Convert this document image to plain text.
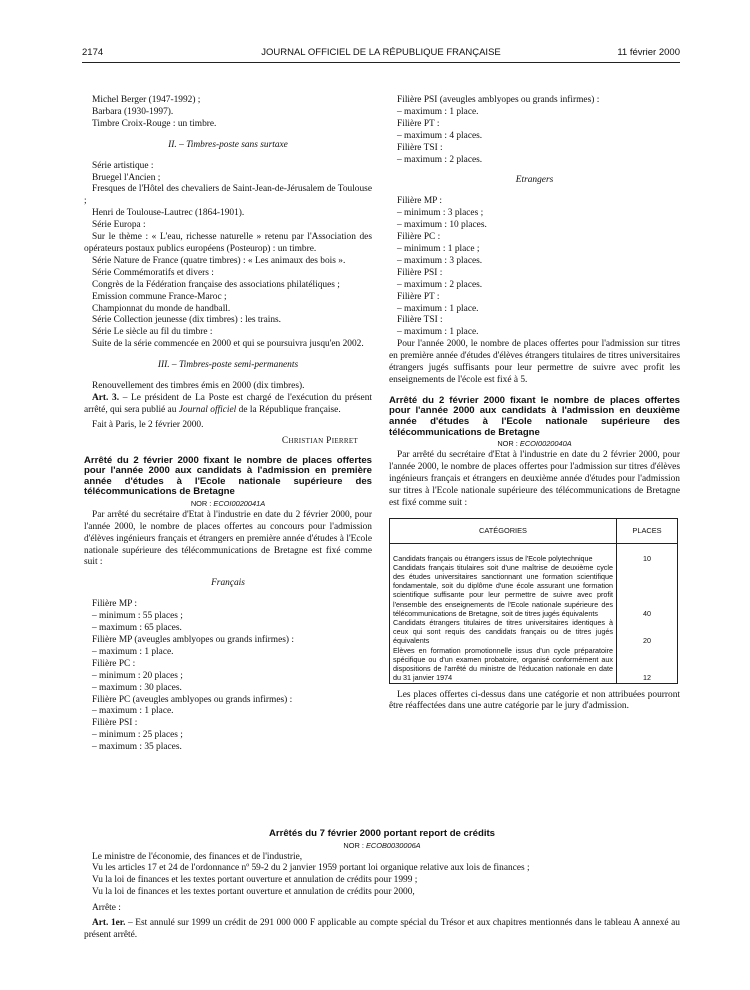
2174	JOURNAL OFFICIEL DE LA RÉPUBLIQUE FRANÇAISE	11 février 2000

Michel Berger (1947-1992) ;

Barbara (1930-1997).

Timbre Croix-Rouge : un timbre.

II. – Timbres-poste sans surtaxe

Série artistique :

Bruegel l'Ancien ;

Fresques de l'Hôtel des chevaliers de Saint-Jean-de-Jérusalem de Toulouse ;

Henri de Toulouse-Lautrec (1864-1901).

Série Europa :

Sur le thème : « L'eau, richesse naturelle » retenu par l'Association des opérateurs postaux publics européens (Posteurop) : un timbre.

Série Nature de France (quatre timbres) : « Les animaux des bois ».

Série Commémoratifs et divers :

Congrès de la Fédération française des associations philatéliques ;

Emission commune France-Maroc ;

Championnat du monde de handball.

Série Collection jeunesse (dix timbres) : les trains.

Série Le siècle au fil du timbre :

Suite de la série commencée en 2000 et qui se poursuivra jusqu'en 2002.

III. – Timbres-poste semi-permanents

Renouvellement des timbres émis en 2000 (dix timbres).

Art. 3. – Le président de La Poste est chargé de l'exécution du présent arrêté, qui sera publié au Journal officiel de la République française.

Fait à Paris, le 2 février 2000.

Christian Pierret

Arrêté du 2 février 2000 fixant le nombre de places offertes pour l'année 2000 aux candidats à l'admission en première année d'études à l'Ecole nationale supérieure des télécommunications de Bretagne

NOR : ECOI0020041A

Par arrêté du secrétaire d'Etat à l'industrie en date du 2 février 2000, pour l'année 2000, le nombre de places offertes au concours pour l'admission d'élèves ingénieurs français et étrangers en première année d'études à l'Ecole nationale supérieure des télécommunications de Bretagne est fixé comme suit :

Français

Filière MP :

– minimum : 55 places ;

– maximum : 65 places.

Filière MP (aveugles amblyopes ou grands infirmes) :

– maximum : 1 place.

Filière PC :

– minimum : 20 places ;

– maximum : 30 places.

Filière PC (aveugles amblyopes ou grands infirmes) :

– maximum : 1 place.

Filière PSI :

– minimum : 25 places ;

– maximum : 35 places.

Filière PSI (aveugles amblyopes ou grands infirmes) :

– maximum : 1 place.

Filière PT :

– maximum : 4 places.

Filière TSI :

– maximum : 2 places.

Etrangers

Filière MP :

– minimum : 3 places ;

– maximum : 10 places.

Filière PC :

– minimum : 1 place ;

– maximum : 3 places.

Filière PSI :

– maximum : 2 places.

Filière PT :

– maximum : 1 place.

Filière TSI :

– maximum : 1 place.

Pour l'année 2000, le nombre de places offertes pour l'admission sur titres en première année d'études d'élèves étrangers titulaires de titres universitaires étrangers jugés suffisants pour leur permettre de suivre avec profit les enseignements de l'école est fixé à 5.

Arrêté du 2 février 2000 fixant le nombre de places offertes pour l'année 2000 aux candidats à l'admission en deuxième année d'études à l'Ecole nationale supérieure des télécommunications de Bretagne

NOR : ECOI0020040A

Par arrêté du secrétaire d'Etat à l'industrie en date du 2 février 2000, pour l'année 2000, le nombre de places offertes pour l'admission sur titres d'élèves ingénieurs français et étrangers en deuxième année d'études pour l'admission sur titres à l'Ecole nationale supérieure des télécommunications de Bretagne est fixé comme suit :

CATÉGORIES	PLACES
Candidats français ou étrangers issus de l'Ecole polytechnique	10
Candidats français titulaires soit d'une maîtrise de deuxième cycle des études universitaires sanctionnant une formation scientifique fondamentale, soit du diplôme d'une école assurant une formation scientifique suffisante pour leur permettre de suivre avec profit l'ensemble des enseignements de l'Ecole nationale supérieure des télécommunications de Bretagne, soit de titres jugés équivalents	40
Candidats étrangers titulaires de titres universitaires identiques à ceux qui sont requis des candidats français ou de titres jugés équivalents	20
Elèves en formation promotionnelle issus d'un cycle préparatoire spécifique ou d'un examen probatoire, organisé conformément aux dispositions de l'arrêté du ministre de l'éducation nationale en date du 31 janvier 1974	12

Les places offertes ci-dessus dans une catégorie et non attribuées pourront être réaffectées dans une autre catégorie par le jury d'admission.

Arrêtés du 7 février 2000 portant report de crédits

NOR : ECOB0030006A

Le ministre de l'économie, des finances et de l'industrie,

Vu les articles 17 et 24 de l'ordonnance nº 59-2 du 2 janvier 1959 portant loi organique relative aux lois de finances ;

Vu la loi de finances et les textes portant ouverture et annulation de crédits pour 1999 ;

Vu la loi de finances et les textes portant ouverture et annulation de crédits pour 2000,

Arrête :

Art. 1er. – Est annulé sur 1999 un crédit de 291 000 000 F applicable au compte spécial du Trésor et aux chapitres mentionnés dans le tableau A annexé au présent arrêté.
